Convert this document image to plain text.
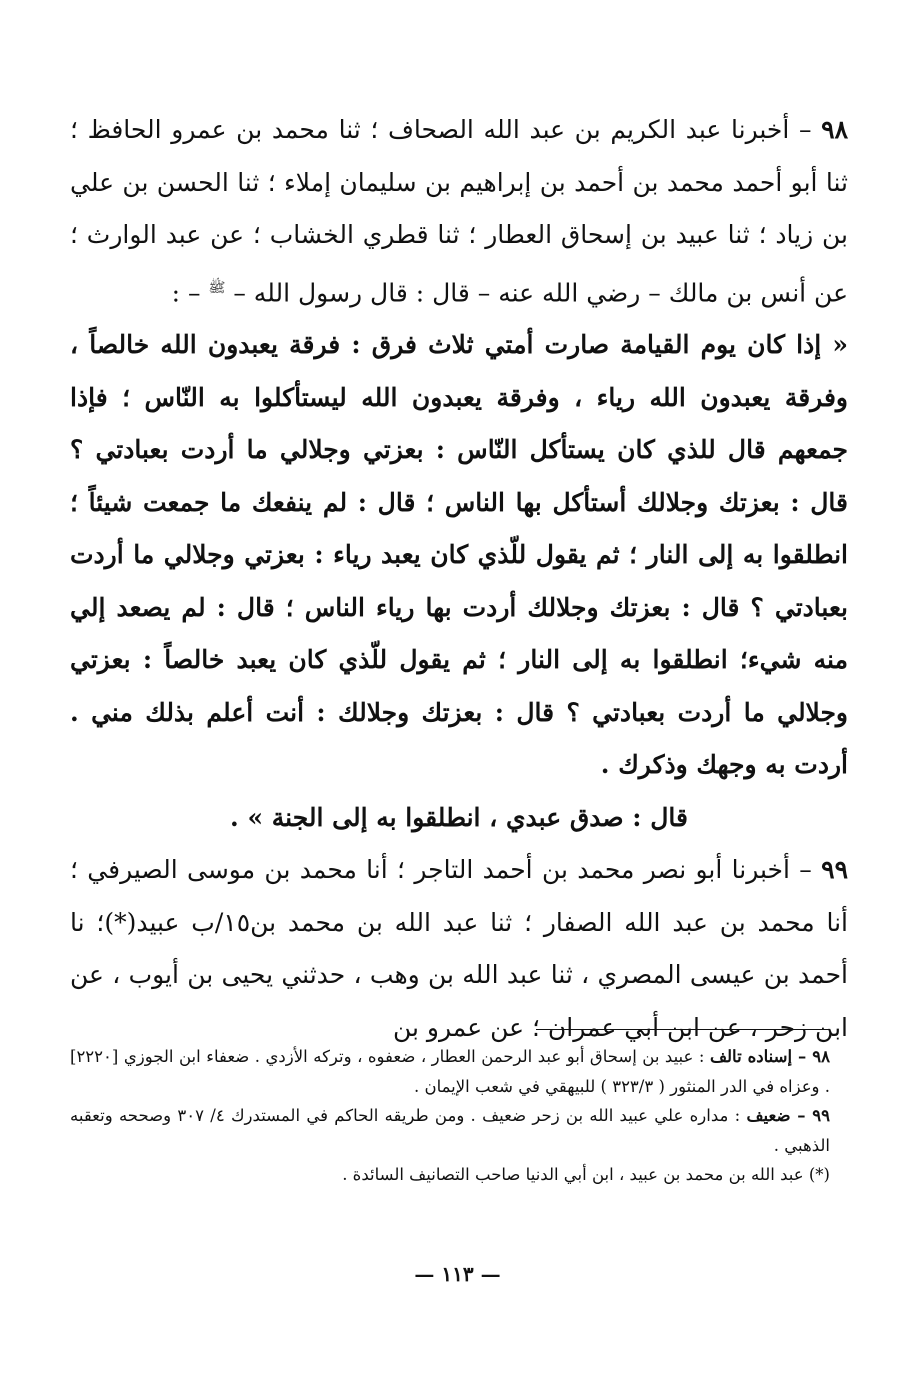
٩٨ – أخبرنا عبد الكريم بن عبد الله الصحاف ؛ ثنا محمد بن عمرو الحافظ ؛ ثنا أبو أحمد محمد بن أحمد بن إبراهيم بن سليمان إملاء ؛ ثنا الحسن بن علي بن زياد ؛ ثنا عبيد بن إسحاق العطار ؛ ثنا قطري الخشاب ؛ عن عبد الوارث ؛ عن أنس بن مالك – رضي الله عنه – قال : قال رسول الله – $^ﷺ$ – :

« إذا كان يوم القيامة صارت أمتي ثلاث فرق : فرقة يعبدون الله خالصاً ، وفرقة يعبدون الله رياء ، وفرقة يعبدون الله ليستأكلوا به النّاس ؛ فإذا جمعهم قال للذي كان يستأكل النّاس : بعزتي وجلالي ما أردت بعبادتي ؟ قال : بعزتك وجلالك أستأكل بها الناس ؛ قال : لم ينفعك ما جمعت شيئاً ؛ انطلقوا به إلى النار ؛ ثم يقول للّذي كان يعبد رياء : بعزتي وجلالي ما أردت بعبادتي ؟ قال : بعزتك وجلالك أردت بها رياء الناس ؛ قال : لم يصعد إلي منه شيء؛ انطلقوا به إلى النار ؛ ثم يقول للّذي كان يعبد خالصاً : بعزتي وجلالي ما أردت بعبادتي ؟ قال : بعزتك وجلالك : أنت أعلم بذلك مني . أردت به وجهك وذكرك .

قال : صدق عبدي ، انطلقوا به إلى الجنة » .

٩٩ – أخبرنا أبو نصر محمد بن أحمد التاجر ؛ أنا محمد بن موسى الصيرفي ؛ أنا محمد بن عبد الله الصفار ؛ ثنا عبد الله بن محمد بن١٥/ب عبيد(*)؛ نا أحمد بن عيسى المصري ، ثنا عبد الله بن وهب ، حدثني يحيى بن أيوب ، عن ابن زحر ، عن ابن أبي عمران ؛ عن عمرو بن

٩٨ – إسناده تالف : عبيد بن إسحاق أبو عبد الرحمن العطار ، ضعفوه ، وتركه الأزدي . ضعفاء ابن الجوزي [٢٢٢٠] . وعزاه في الدر المنثور ( ٣٢٣/٣ ) للبيهقي في شعب الإيمان .

٩٩ – ضعيف : مداره علي عبيد الله بن زحر ضعيف . ومن طريقه الحاكم في المستدرك ٤/ ٣٠٧ وصححه وتعقبه الذهبي .

(*) عبد الله بن محمد بن عبيد ، ابن أبي الدنيا صاحب التصانيف السائدة .

— ١١٣ —
